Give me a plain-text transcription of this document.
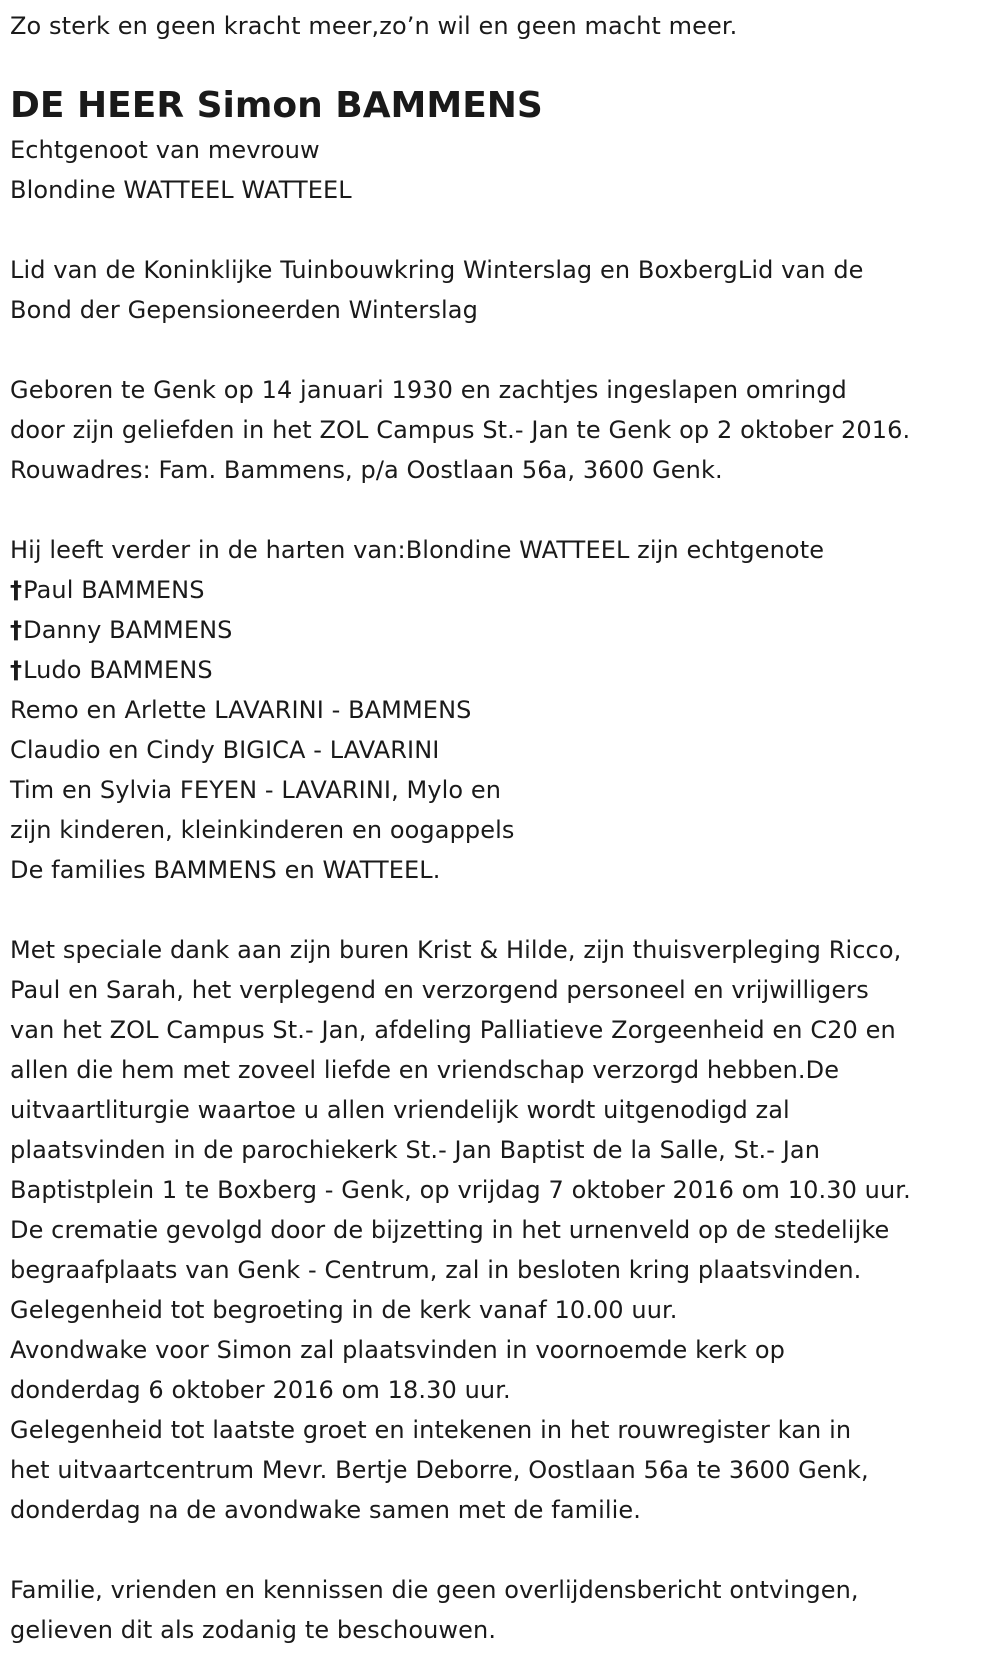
Zo sterk en geen kracht meer,zo’n wil en geen macht meer.
DE HEER Simon BAMMENS
Echtgenoot van mevrouw
Blondine WATTEEL WATTEEL
Lid van de Koninklijke Tuinbouwkring Winterslag en BoxbergLid van de
Bond der Gepensioneerden Winterslag
Geboren te Genk op 14 januari 1930 en zachtjes ingeslapen omringd
door zijn geliefden in het ZOL Campus St.- Jan te Genk op 2 oktober 2016.
Rouwadres: Fam. Bammens, p/a Oostlaan 56a, 3600 Genk.
Hij leeft verder in de harten van:Blondine WATTEEL zijn echtgenote
†Paul BAMMENS
†Danny BAMMENS
†Ludo BAMMENS
Remo en Arlette LAVARINI - BAMMENS
Claudio en Cindy BIGICA - LAVARINI
Tim en Sylvia FEYEN - LAVARINI, Mylo en
zijn kinderen, kleinkinderen en oogappels
De families BAMMENS en WATTEEL.
Met speciale dank aan zijn buren Krist & Hilde, zijn thuisverpleging Ricco,
Paul en Sarah, het verplegend en verzorgend personeel en vrijwilligers
van het ZOL Campus St.- Jan, afdeling Palliatieve Zorgeenheid en C20 en
allen die hem met zoveel liefde en vriendschap verzorgd hebben.De
uitvaartliturgie waartoe u allen vriendelijk wordt uitgenodigd zal
plaatsvinden in de parochiekerk St.- Jan Baptist de la Salle, St.- Jan
Baptistplein 1 te Boxberg - Genk, op vrijdag 7 oktober 2016 om 10.30 uur.
De crematie gevolgd door de bijzetting in het urnenveld op de stedelijke
begraafplaats van Genk - Centrum, zal in besloten kring plaatsvinden.
Gelegenheid tot begroeting in de kerk vanaf 10.00 uur.
Avondwake voor Simon zal plaatsvinden in voornoemde kerk op
donderdag 6 oktober 2016 om 18.30 uur.
Gelegenheid tot laatste groet en intekenen in het rouwregister kan in
het uitvaartcentrum Mevr. Bertje Deborre, Oostlaan 56a te 3600 Genk,
donderdag na de avondwake samen met de familie.
Familie, vrienden en kennissen die geen overlijdensbericht ontvingen,
gelieven dit als zodanig te beschouwen.
